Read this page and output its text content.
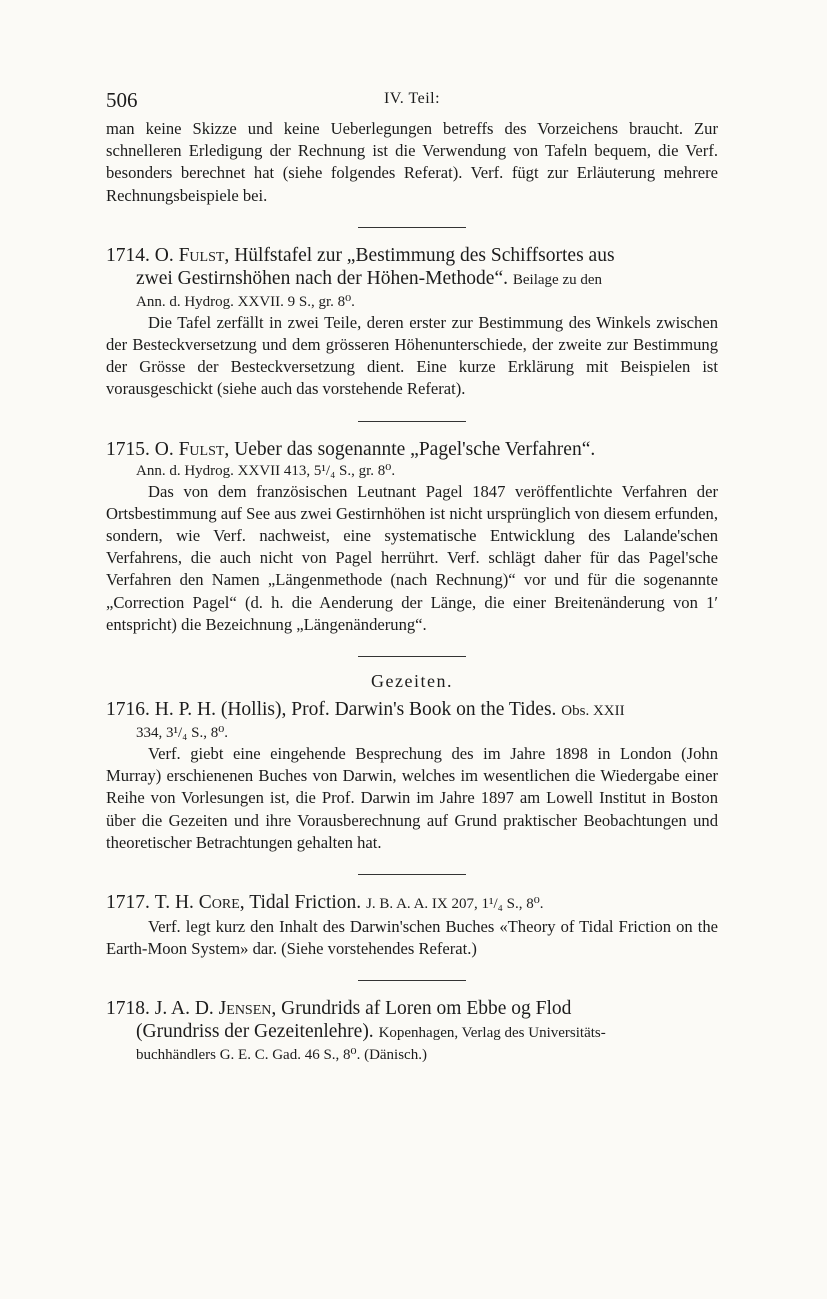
506	IV. Teil:

man keine Skizze und keine Ueberlegungen betreffs des Vorzeichens braucht. Zur schnelleren Erledigung der Rechnung ist die Verwendung von Tafeln bequem, die Verf. besonders berechnet hat (siehe folgendes Referat). Verf. fügt zur Erläuterung mehrere Rechnungsbeispiele bei.

1714. O. Fulst, Hülfstafel zur „Bestimmung des Schiffsortes aus
zwei Gestirnshöhen nach der Höhen-Methode“. Beilage zu den

Ann. d. Hydrog. XXVII. 9 S., gr. 8⁰.

Die Tafel zerfällt in zwei Teile, deren erster zur Bestimmung des Winkels zwischen der Besteckversetzung und dem grösseren Höhenunterschiede, der zweite zur Bestimmung der Grösse der Besteckversetzung dient. Eine kurze Erklärung mit Beispielen ist vorausgeschickt (siehe auch das vorstehende Referat).

1715. O. Fulst, Ueber das sogenannte „Pagel'sche Verfahren“.

Ann. d. Hydrog. XXVII 413, 5¹/₄ S., gr. 8⁰.

Das von dem französischen Leutnant Pagel 1847 veröffentlichte Verfahren der Ortsbestimmung auf See aus zwei Gestirnhöhen ist nicht ursprünglich von diesem erfunden, sondern, wie Verf. nachweist, eine systematische Entwicklung des Lalande'schen Verfahrens, die auch nicht von Pagel herrührt. Verf. schlägt daher für das Pagel'sche Verfahren den Namen „Längenmethode (nach Rechnung)“ vor und für die sogenannte „Correction Pagel“ (d. h. die Aenderung der Länge, die einer Breitenänderung von 1′ entspricht) die Bezeichnung „Längenänderung“.

Gezeiten.

1716. H. P. H. (Hollis), Prof. Darwin's Book on the Tides. Obs. XXII

334, 3¹/₄ S., 8⁰.

Verf. giebt eine eingehende Besprechung des im Jahre 1898 in London (John Murray) erschienenen Buches von Darwin, welches im wesentlichen die Wiedergabe einer Reihe von Vorlesungen ist, die Prof. Darwin im Jahre 1897 am Lowell Institut in Boston über die Gezeiten und ihre Vorausberechnung auf Grund praktischer Beobachtungen und theoretischer Betrachtungen gehalten hat.

1717. T. H. Core, Tidal Friction. J. B. A. A. IX 207, 1¹/₄ S., 8⁰.

Verf. legt kurz den Inhalt des Darwin'schen Buches «Theory of Tidal Friction on the Earth-Moon System» dar. (Siehe vorstehendes Referat.)

1718. J. A. D. Jensen, Grundrids af Loren om Ebbe og Flod
(Grundriss der Gezeitenlehre). Kopenhagen, Verlag des Universitäts-

buchhändlers G. E. C. Gad. 46 S., 8⁰. (Dänisch.)
